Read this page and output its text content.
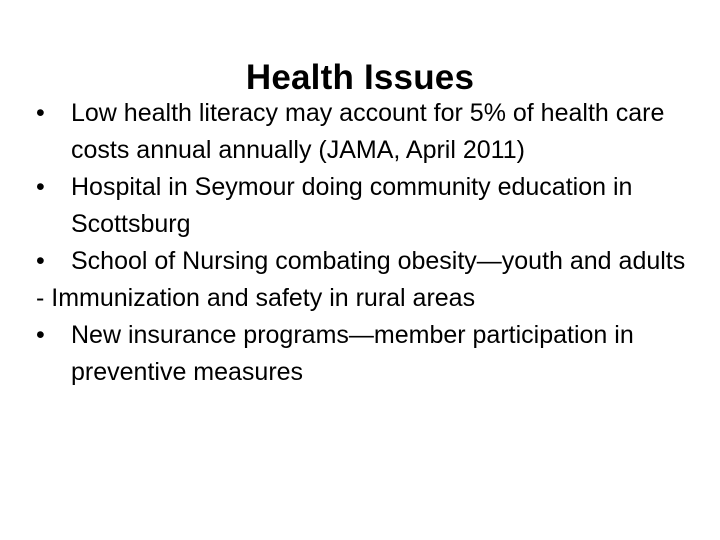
Health Issues
•	Low health literacy may account for 5% of health care costs annual annually (JAMA, April 2011)
•	Hospital in Seymour doing community education in Scottsburg
•	School of Nursing combating obesity—youth and adults
- Immunization and safety in rural areas
•	New insurance programs—member participation in preventive measures
